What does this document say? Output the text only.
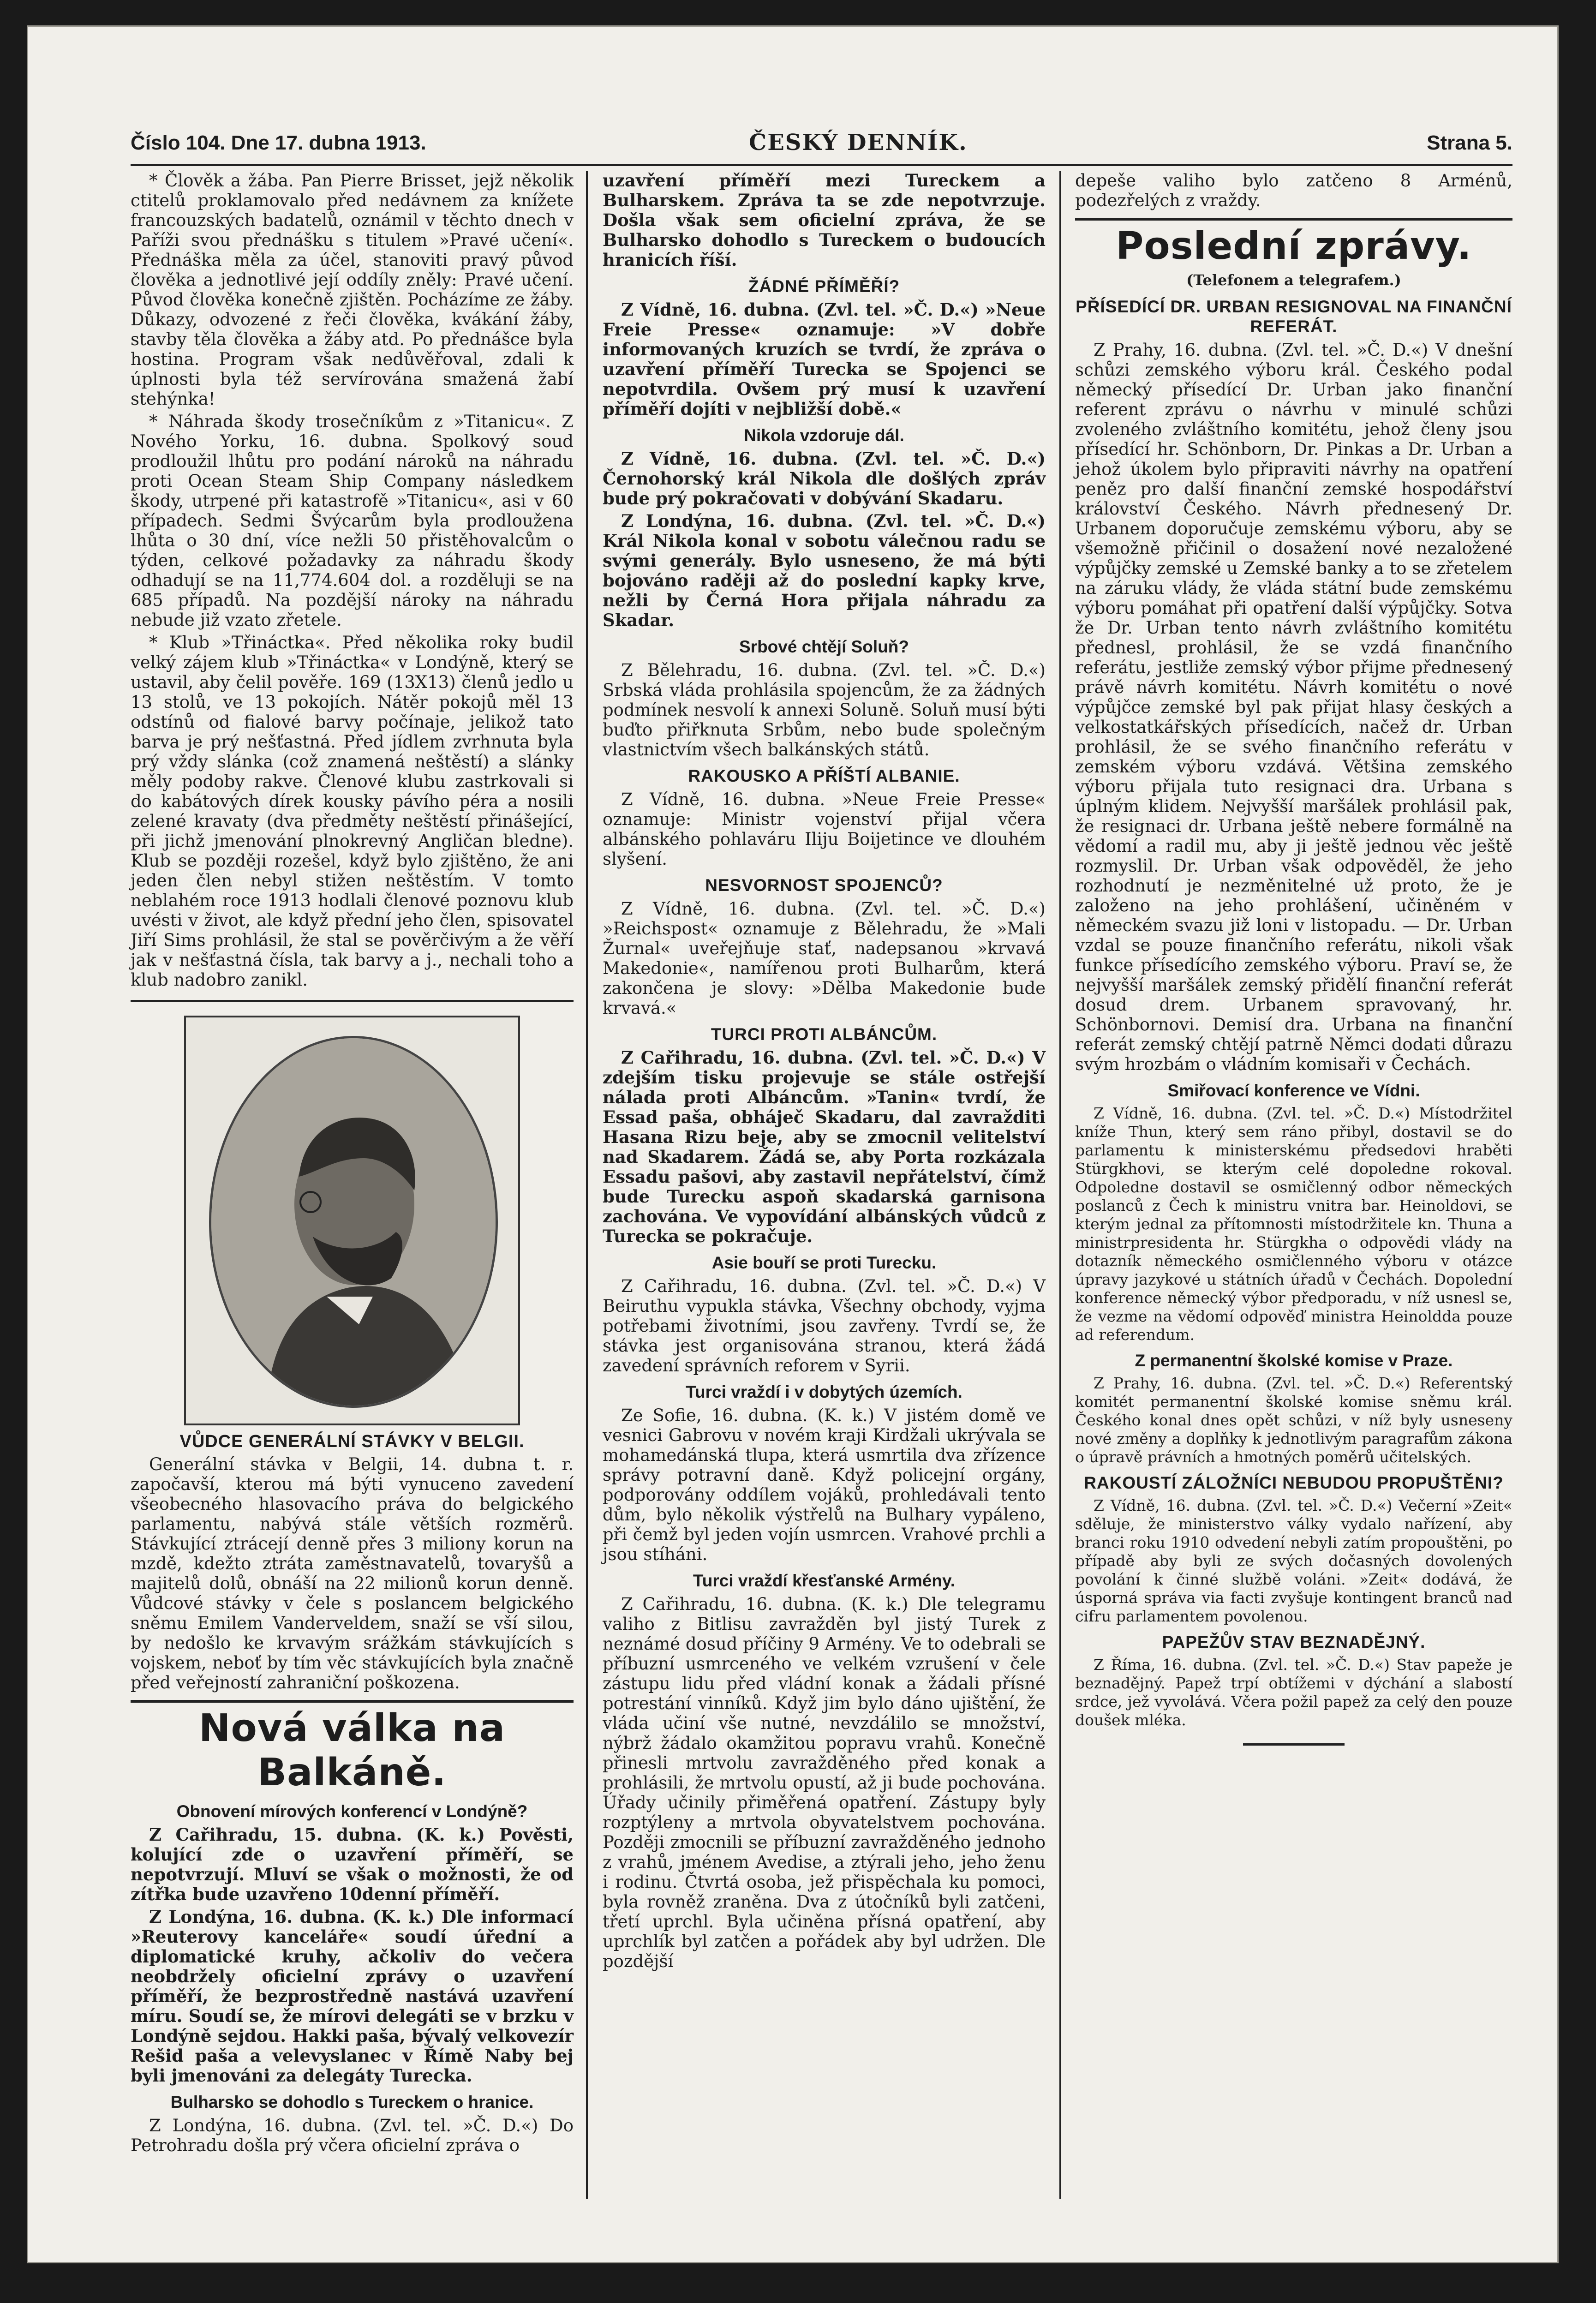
Číslo 104. Dne 17. dubna 1913.	ČESKÝ DENNÍK.	Strana 5.

* Člověk a žába. Pan Pierre Brisset, jejž několik ctitelů proklamovalo před nedávnem za knížete francouzských badatelů, oznámil v těchto dnech v Paříži svou přednášku s titulem »Pravé učení«. Přednáška měla za účel, stanoviti pravý původ člověka a jednotlivé její oddíly zněly: Pravé učení. Původ člověka konečně zjištěn. Pocházíme ze žáby. Důkazy, odvozené z řeči člověka, kvákání žáby, stavby těla člověka a žáby atd. Po přednášce byla hostina. Program však nedůvěřoval, zdali k úplnosti byla též servírována smažená žabí stehýnka!

* Náhrada škody trosečníkům z »Titanicu«. Z Nového Yorku, 16. dubna. Spolkový soud prodloužil lhůtu pro podání nároků na náhradu proti Ocean Steam Ship Company následkem škody, utrpené při katastrofě »Titanicu«, asi v 60 případech. Sedmi Švýcarům byla prodloužena lhůta o 30 dní, více nežli 50 přistěhovalcům o týden, celkové požadavky za náhradu škody odhadují se na 11,774.604 dol. a rozděluji se na 685 případů. Na pozdější nároky na náhradu nebude již vzato zřetele.

* Klub »Třináctka«. Před několika roky budil velký zájem klub »Třináctka« v Londýně, který se ustavil, aby čelil pověře. 169 (13X13) členů jedlo u 13 stolů, ve 13 pokojích. Nátěr pokojů měl 13 odstínů od fialové barvy počínaje, jelikož tato barva je prý nešťastná. Před jídlem zvrhnuta byla prý vždy slánka (což znamená neštěstí) a slánky měly podoby rakve. Členové klubu zastrkovali si do kabátových dírek kousky pávího péra a nosili zelené kravaty (dva předměty neštěstí přinášející, při jichž jmenování plnokrevný Angličan bledne). Klub se později rozešel, když bylo zjištěno, že ani jeden člen nebyl stižen neštěstím. V tomto neblahém roce 1913 hodlali členové poznovu klub uvésti v život, ale když přední jeho člen, spisovatel Jiří Sims prohlásil, že stal se pověrčivým a že věří jak v nešťastná čísla, tak barvy a j., nechali toho a klub nadobro zanikl.

VŮDCE GENERÁLNÍ STÁVKY V BELGII.

Generální stávka v Belgii, 14. dubna t. r. započavší, kterou má býti vynuceno zavedení všeobecného hlasovacího práva do belgického parlamentu, nabývá stále větších rozměrů. Stávkující ztrácejí denně přes 3 miliony korun na mzdě, kdežto ztráta zaměstnavatelů, tovaryšů a majitelů dolů, obnáší na 22 milionů korun denně. Vůdcové stávky v čele s poslancem belgického sněmu Emilem Vanderveldem, snaží se vší silou, by nedošlo ke krvavým srážkám stávkujících s vojskem, neboť by tím věc stávkujících byla značně před veřejností zahraniční poškozena.

Nová válka na Balkáně.
Obnovení mírových konferencí v Londýně?

Z Cařihradu, 15. dubna. (K. k.) Pověsti, kolující zde o uzavření příměří, se nepotvrzují. Mluví se však o možnosti, že od zítřka bude uzavřeno 10denní příměří.

Z Londýna, 16. dubna. (K. k.) Dle informací »Reuterovy kanceláře« soudí úřední a diplomatické kruhy, ačkoliv do večera neobdržely oficielní zprávy o uzavření příměří, že bezprostředně nastává uzavření míru. Soudí se, že mírovi delegáti se v brzku v Londýně sejdou. Hakki paša, bývalý velkovezír Rešid paša a velevyslanec v Římě Naby bej byli jmenováni za delegáty Turecka.

Bulharsko se dohodlo s Tureckem o hranice.

Z Londýna, 16. dubna. (Zvl. tel. »Č. D.«) Do Petrohradu došla prý včera oficielní zpráva o

uzavření příměří mezi Tureckem a Bulharskem. Zpráva ta se zde nepotvrzuje. Došla však sem oficielní zpráva, že se Bulharsko dohodlo s Tureckem o budoucích hranicích říší.

ŽÁDNÉ PŘÍMĚŘÍ?

Z Vídně, 16. dubna. (Zvl. tel. »Č. D.«) »Neue Freie Presse« oznamuje: »V dobře informovaných kruzích se tvrdí, že zpráva o uzavření příměří Turecka se Spojenci se nepotvrdila. Ovšem prý musí k uzavření příměří dojíti v nejbližší době.«

Nikola vzdoruje dál.

Z Vídně, 16. dubna. (Zvl. tel. »Č. D.«) Černohorský král Nikola dle došlých zpráv bude prý pokračovati v dobývání Skadaru.

Z Londýna, 16. dubna. (Zvl. tel. »Č. D.«) Král Nikola konal v sobotu válečnou radu se svými generály. Bylo usneseno, že má býti bojováno raději až do poslední kapky krve, nežli by Černá Hora přijala náhradu za Skadar.

Srbové chtějí Soluň?

Z Bělehradu, 16. dubna. (Zvl. tel. »Č. D.«) Srbská vláda prohlásila spojencům, že za žádných podmínek nesvolí k annexi Soluně. Soluň musí býti buďto přiřknuta Srbům, nebo bude společným vlastnictvím všech balkánských států.

RAKOUSKO A PŘÍŠTÍ ALBANIE.

Z Vídně, 16. dubna. »Neue Freie Presse« oznamuje: Ministr vojenství přijal včera albánského pohlaváru Iliju Boijetince ve dlouhém slyšení.

NESVORNOST SPOJENCŮ?

Z Vídně, 16. dubna. (Zvl. tel. »Č. D.«) »Reichspost« oznamuje z Bělehradu, že »Mali Žurnal« uveřejňuje stať, nadepsanou »krvavá Makedonie«, namířenou proti Bulharům, která zakončena je slovy: »Dělba Makedonie bude krvavá.«

TURCI PROTI ALBÁNCŮM.

Z Cařihradu, 16. dubna. (Zvl. tel. »Č. D.«) V zdejším tisku projevuje se stále ostřejší nálada proti Albáncům. »Tanin« tvrdí, že Essad paša, obháječ Skadaru, dal zavražditi Hasana Rizu beje, aby se zmocnil velitelství nad Skadarem. Žádá se, aby Porta rozkázala Essadu pašovi, aby zastavil nepřátelství, čímž bude Turecku aspoň skadarská garnisona zachována. Ve vypovídání albánských vůdců z Turecka se pokračuje.

Asie bouří se proti Turecku.

Z Cařihradu, 16. dubna. (Zvl. tel. »Č. D.«) V Beiruthu vypukla stávka, Všechny obchody, vyjma potřebami životními, jsou zavřeny. Tvrdí se, že stávka jest organisována stranou, která žádá zavedení správních reforem v Syrii.

Turci vraždí i v dobytých územích.

Ze Sofie, 16. dubna. (K. k.) V jistém domě ve vesnici Gabrovu v novém kraji Kirdžali ukrývala se mohamedánská tlupa, která usmrtila dva zřízence správy potravní daně. Když policejní orgány, podporovány oddílem vojáků, prohledávali tento dům, bylo několik výstřelů na Bulhary vypáleno, při čemž byl jeden vojín usmrcen. Vrahové prchli a jsou stíháni.

Turci vraždí křesťanské Armény.

Z Cařihradu, 16. dubna. (K. k.) Dle telegramu valiho z Bitlisu zavražděn byl jistý Turek z neznámé dosud příčiny 9 Armény. Ve to odebrali se příbuzní usmrceného ve velkém vzrušení v čele zástupu lidu před vládní konak a žádali přísné potrestání vinníků. Když jim bylo dáno ujištění, že vláda učiní vše nutné, nevzdálilo se množství, nýbrž žádalo okamžitou popravu vrahů. Konečně přinesli mrtvolu zavražděného před konak a prohlásili, že mrtvolu opustí, až ji bude pochována. Úřady učinily přiměřená opatření. Zástupy byly rozptýleny a mrtvola obyvatelstvem pochována. Později zmocnili se příbuzní zavražděného jednoho z vrahů, jménem Avedise, a ztýrali jeho, jeho ženu i rodinu. Čtvrtá osoba, jež přispěchala ku pomoci, byla rovněž zraněna. Dva z útočníků byli zatčeni, třetí uprchl. Byla učiněna přísná opatření, aby uprchlík byl zatčen a pořádek aby byl udržen. Dle pozdější

depeše valiho bylo zatčeno 8 Arménů, podezřelých z vraždy.

Poslední zprávy.
(Telefonem a telegrafem.)
PŘÍSEDÍCÍ DR. URBAN RESIGNOVAL NA FINANČNÍ REFERÁT.

Z Prahy, 16. dubna. (Zvl. tel. »Č. D.«) V dnešní schůzi zemského výboru král. Českého podal německý přísedící Dr. Urban jako finanční referent zprávu o návrhu v minulé schůzi zvoleného zvláštního komitétu, jehož členy jsou přísedící hr. Schönborn, Dr. Pinkas a Dr. Urban a jehož úkolem bylo připraviti návrhy na opatření peněz pro další finanční zemské hospodářství království Českého. Návrh přednesený Dr. Urbanem doporučuje zemskému výboru, aby se všemožně přičinil o dosažení nové nezaložené výpůjčky zemské u Zemské banky a to se zřetelem na záruku vlády, že vláda státní bude zemskému výboru pomáhat při opatření další výpůjčky. Sotva že Dr. Urban tento návrh zvláštního komitétu přednesl, prohlásil, že se vzdá finančního referátu, jestliže zemský výbor přijme přednesený právě návrh komitétu. Návrh komitétu o nové výpůjčce zemské byl pak přijat hlasy českých a velkostatkářských přísedících, načež dr. Urban prohlásil, že se svého finančního referátu v zemském výboru vzdává. Většina zemského výboru přijala tuto resignaci dra. Urbana s úplným klidem. Nejvyšší maršálek prohlásil pak, že resignaci dr. Urbana ještě nebere formálně na vědomí a radil mu, aby ji ještě jednou věc ještě rozmyslil. Dr. Urban však odpověděl, že jeho rozhodnutí je nezměnitelné už proto, že je založeno na jeho prohlášení, učiněném v německém svazu již loni v listopadu. — Dr. Urban vzdal se pouze finančního referátu, nikoli však funkce přísedícího zemského výboru. Praví se, že nejvyšší maršálek zemský přidělí finanční referát dosud drem. Urbanem spravovaný, hr. Schönbornovi. Demisí dra. Urbana na finanční referát zemský chtějí patrně Němci dodati důrazu svým hrozbám o vládním komisaři v Čechách.

Smiřovací konference ve Vídni.

Z Vídně, 16. dubna. (Zvl. tel. »Č. D.«) Místodržitel kníže Thun, který sem ráno přibyl, dostavil se do parlamentu k ministerskému předsedovi hraběti Stürgkhovi, se kterým celé dopoledne rokoval. Odpoledne dostavil se osmičlenný odbor německých poslanců z Čech k ministru vnitra bar. Heinoldovi, se kterým jednal za přítomnosti místodržitele kn. Thuna a ministrpresidenta hr. Stürgkha o odpovědi vlády na dotazník německého osmičlenného výboru v otázce úpravy jazykové u státních úřadů v Čechách. Dopolední konference německý výbor předporadu, v níž usnesl se, že vezme na vědomí odpověď ministra Heinoldda pouze ad referendum.

Z permanentní školské komise v Praze.

Z Prahy, 16. dubna. (Zvl. tel. »Č. D.«) Referentský komitét permanentní školské komise sněmu král. Českého konal dnes opět schůzi, v níž byly usneseny nové změny a doplňky k jednotlivým paragrafům zákona o úpravě právních a hmotných poměrů učitelských.

RAKOUSTÍ ZÁLOŽNÍCI NEBUDOU PROPUŠTĚNI?

Z Vídně, 16. dubna. (Zvl. tel. »Č. D.«) Večerní »Zeit« sděluje, že ministerstvo války vydalo nařízení, aby branci roku 1910 odvedení nebyli zatím propouštěni, po případě aby byli ze svých dočasných dovolených povolání k činné službě voláni. »Zeit« dodává, že úsporná správa via facti zvyšuje kontingent branců nad cifru parlamentem povolenou.

PAPEŽŮV STAV BEZNADĚJNÝ.

Z Říma, 16. dubna. (Zvl. tel. »Č. D.«) Stav papeže je beznadějný. Papež trpí obtížemi v dýchání a slabostí srdce, jež vyvolává. Včera požil papež za celý den pouze doušek mléka.
